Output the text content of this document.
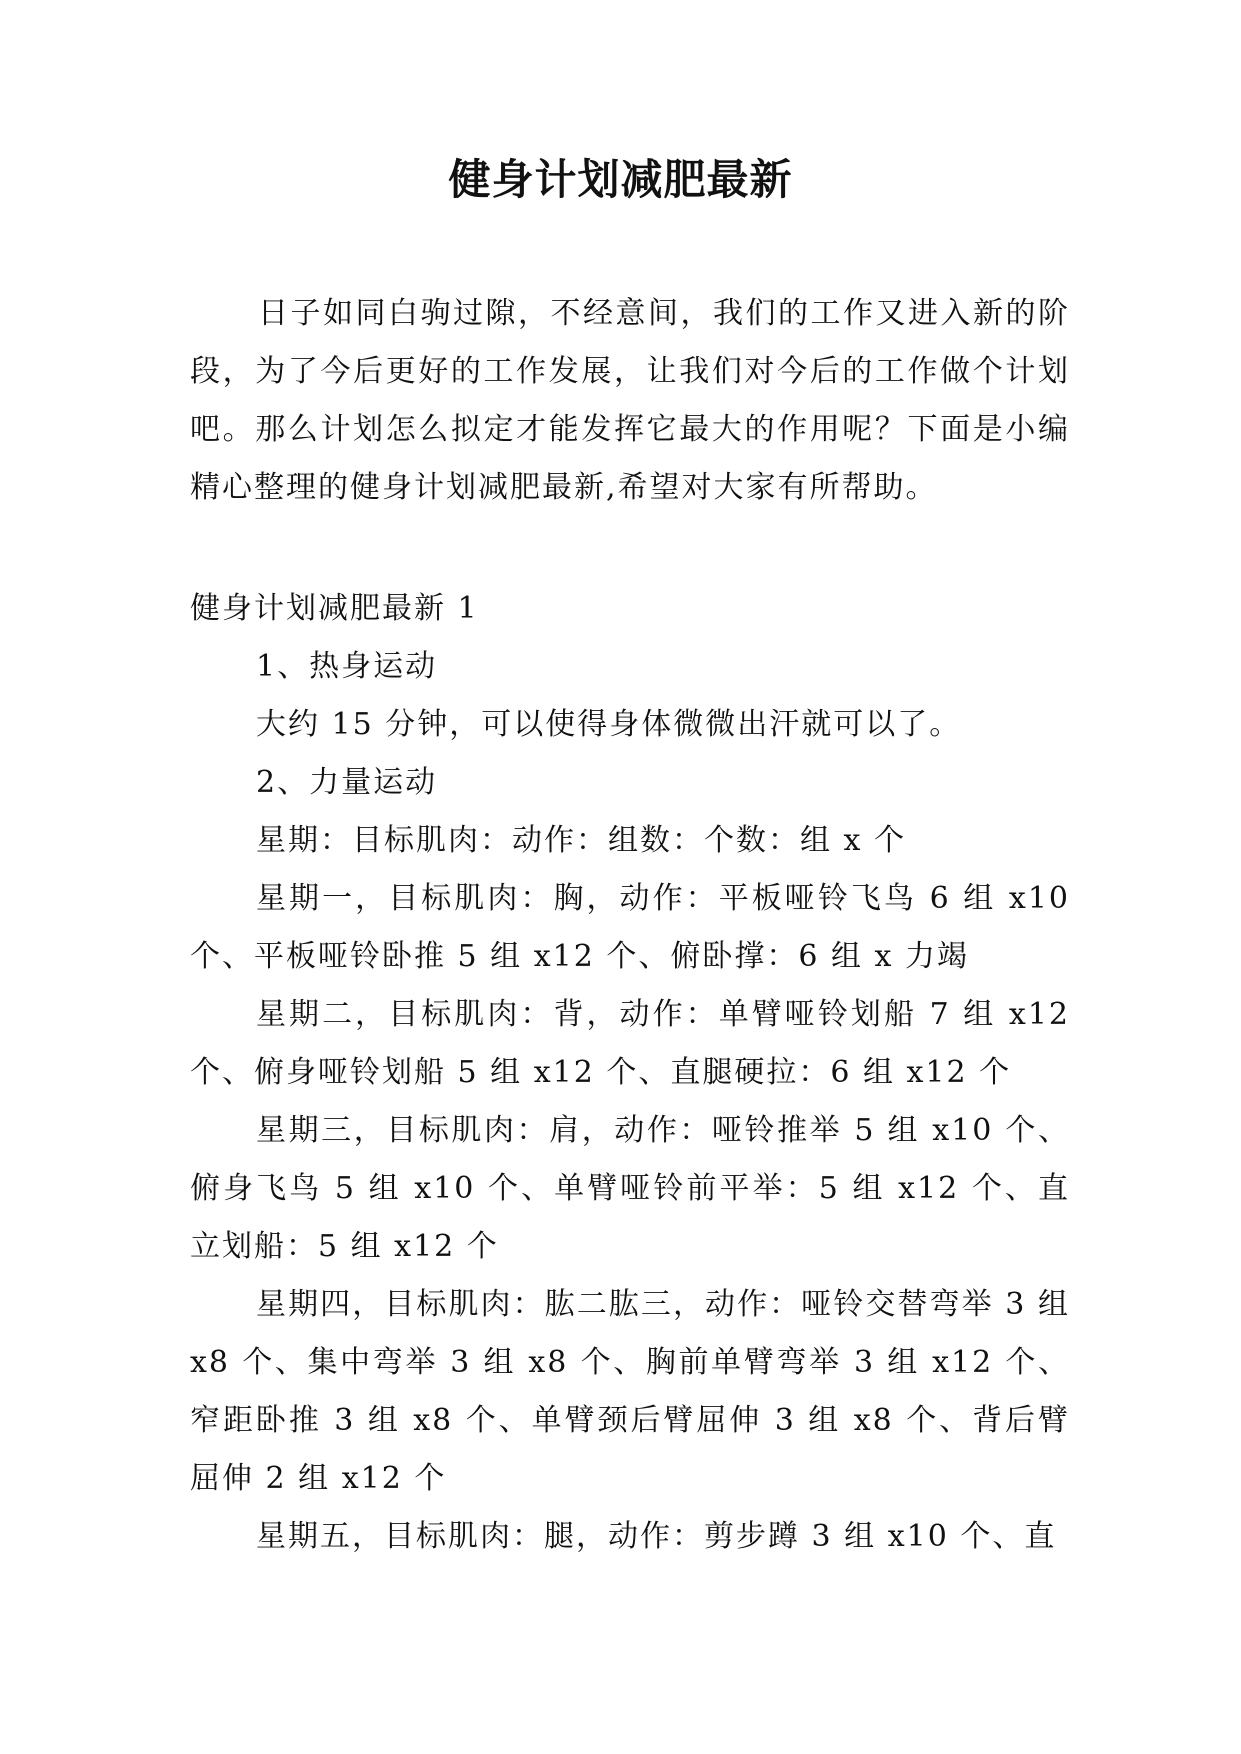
健身计划减肥最新
日子如同白驹过隙，不经意间，我们的工作又进入新的阶段，为了今后更好的工作发展，让我们对今后的工作做个计划吧。那么计划怎么拟定才能发挥它最大的作用呢？下面是小编精心整理的健身计划减肥最新,希望对大家有所帮助。

健身计划减肥最新 1

1、热身运动

大约 15 分钟，可以使得身体微微出汗就可以了。

2、力量运动

星期：目标肌肉：动作：组数：个数：组 x 个

星期一，目标肌肉：胸，动作：平板哑铃飞鸟 6 组 x10 个、平板哑铃卧推 5 组 x12 个、俯卧撑：6 组 x 力竭

星期二，目标肌肉：背，动作：单臂哑铃划船 7 组 x12 个、俯身哑铃划船 5 组 x12 个、直腿硬拉：6 组 x12 个

星期三，目标肌肉：肩，动作：哑铃推举 5 组 x10 个、俯身飞鸟 5 组 x10 个、单臂哑铃前平举：5 组 x12 个、直立划船：5 组 x12 个

星期四，目标肌肉：肱二肱三，动作：哑铃交替弯举 3 组 x8 个、集中弯举 3 组 x8 个、胸前单臂弯举 3 组 x12 个、窄距卧推 3 组 x8 个、单臂颈后臂屈伸 3 组 x8 个、背后臂屈伸 2 组 x12 个

星期五，目标肌肉：腿，动作：剪步蹲 3 组 x10 个、直
